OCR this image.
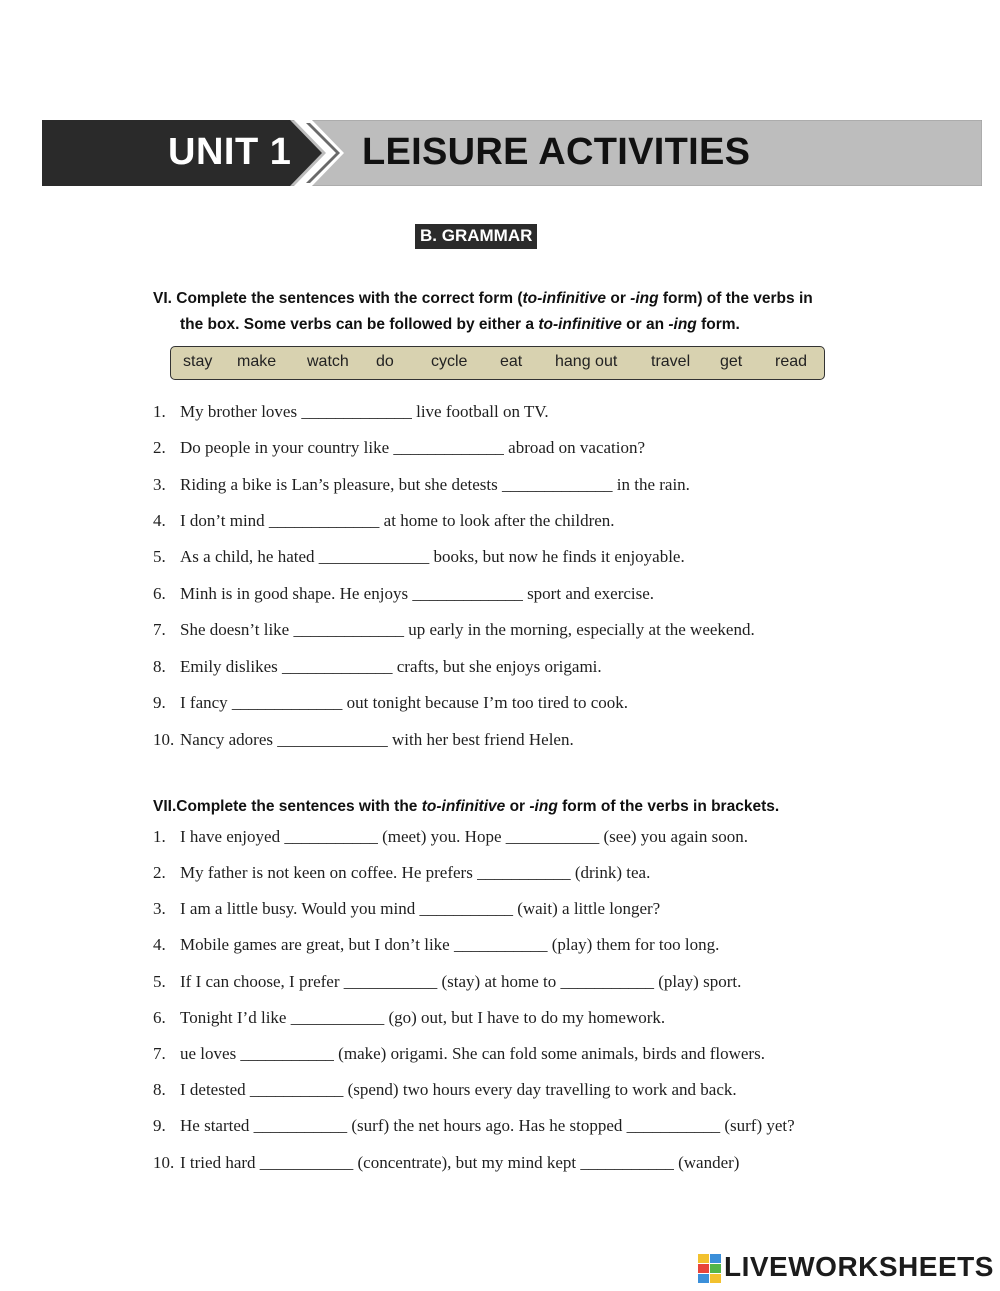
UNIT 1 LEISURE ACTIVITIES
B. GRAMMAR
VI. Complete the sentences with the correct form (to-infinitive or -ing form) of the verbs in
the box. Some verbs can be followed by either a to-infinitive or an -ing form.
stay make watch do cycle eat hang out travel get read
1. My brother loves _____________ live football on TV.
2. Do people in your country like _____________ abroad on vacation?
3. Riding a bike is Lan’s pleasure, but she detests _____________ in the rain.
4. I don’t mind _____________ at home to look after the children.
5. As a child, he hated _____________ books, but now he finds it enjoyable.
6. Minh is in good shape. He enjoys _____________ sport and exercise.
7. She doesn’t like _____________ up early in the morning, especially at the weekend.
8. Emily dislikes _____________ crafts, but she enjoys origami.
9. I fancy _____________ out tonight because I’m too tired to cook.
10. Nancy adores _____________ with her best friend Helen.
VII.Complete the sentences with the to-infinitive or -ing form of the verbs in brackets.
1. I have enjoyed ___________ (meet) you. Hope ___________ (see) you again soon.
2. My father is not keen on coffee. He prefers ___________ (drink) tea.
3. I am a little busy. Would you mind ___________ (wait) a little longer?
4. Mobile games are great, but I don’t like ___________ (play) them for too long.
5. If I can choose, I prefer ___________ (stay) at home to ___________ (play) sport.
6. Tonight I’d like ___________ (go) out, but I have to do my homework.
7. ue loves ___________ (make) origami. She can fold some animals, birds and flowers.
8. I detested ___________ (spend) two hours every day travelling to work and back.
9. He started ___________ (surf) the net hours ago. Has he stopped ___________ (surf) yet?
10. I tried hard ___________ (concentrate), but my mind kept ___________ (wander)
LIVEWORKSHEETS
